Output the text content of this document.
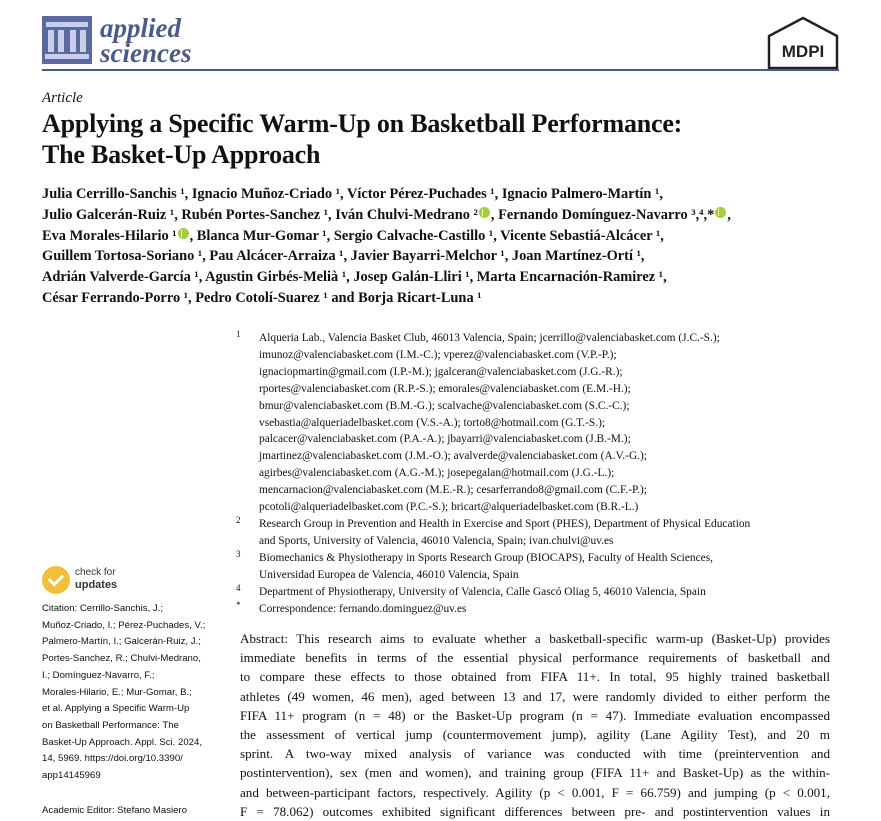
applied
sciences	MDPI
Article
Applying a Specific Warm-Up on Basketball Performance:
The Basket-Up Approach
Julia Cerrillo-Sanchis ¹, Ignacio Muñoz-Criado ¹, Víctor Pérez-Puchades ¹, Ignacio Palmero-Martín ¹,
Julio Galcerán-Ruiz ¹, Rubén Portes-Sanchez ¹, Iván Chulvi-Medrano ² , Fernando Domínguez-Navarro ³,⁴,* ,
Eva Morales-Hilario ¹ , Blanca Mur-Gomar ¹, Sergio Calvache-Castillo ¹, Vicente Sebastiá-Alcácer ¹,
Guillem Tortosa-Soriano ¹, Pau Alcácer-Arraiza ¹, Javier Bayarri-Melchor ¹, Joan Martínez-Ortí ¹,
Adrián Valverde-García ¹, Agustin Girbés-Melià ¹, Josep Galán-Lliri ¹, Marta Encarnación-Ramirez ¹,
César Ferrando-Porro ¹, Pedro Cotolí-Suarez ¹ and Borja Ricart-Luna ¹
1 Alqueria Lab., Valencia Basket Club, 46013 Valencia, Spain; jcerrillo@valenciabasket.com (J.C.-S.);
imunoz@valenciabasket.com (I.M.-C.); vperez@valenciabasket.com (V.P.-P.);
ignaciopmartin@gmail.com (I.P.-M.); jgalceran@valenciabasket.com (J.G.-R.);
rportes@valenciabasket.com (R.P.-S.); emorales@valenciabasket.com (E.M.-H.);
bmur@valenciabasket.com (B.M.-G.); scalvache@valenciabasket.com (S.C.-C.);
vsebastia@alqueriadelbasket.com (V.S.-A.); torto8@hotmail.com (G.T.-S.);
palcacer@valenciabasket.com (P.A.-A.); jbayarri@valenciabasket.com (J.B.-M.);
jmartinez@valenciabasket.com (J.M.-O.); avalverde@valenciabasket.com (A.V.-G.);
agirbes@valenciabasket.com (A.G.-M.); josepegalan@hotmail.com (J.G.-L.);
mencarnacion@valenciabasket.com (M.E.-R.); cesarferrando8@gmail.com (C.F.-P.);
pcotoli@alqueriadelbasket.com (P.C.-S.); bricart@alqueriadelbasket.com (B.R.-L.)
2 Research Group in Prevention and Health in Exercise and Sport (PHES), Department of Physical Education
and Sports, University of Valencia, 46010 Valencia, Spain; ivan.chulvi@uv.es
3 Biomechanics & Physiotherapy in Sports Research Group (BIOCAPS), Faculty of Health Sciences,
Universidad Europea de Valencia, 46010 Valencia, Spain
4 Department of Physiotherapy, University of Valencia, Calle Gascó Oliag 5, 46010 Valencia, Spain
* Correspondence: fernando.dominguez@uv.es
check for
updates
Citation: Cerrillo-Sanchis, J.;
Muñoz-Criado, I.; Pérez-Puchades, V.;
Palmero-Martín, I.; Galcerán-Ruiz, J.;
Portes-Sanchez, R.; Chulvi-Medrano,
I.; Domínguez-Navarro, F.;
Morales-Hilario, E.; Mur-Gomar, B.;
et al. Applying a Specific Warm-Up
on Basketball Performance: The
Basket-Up Approach. Appl. Sci. 2024,
14, 5969. https://doi.org/10.3390/
app14145969
Academic Editor: Stefano Masiero
Abstract: This research aims to evaluate whether a basketball-specific warm-up (Basket-Up) provides
immediate benefits in terms of the essential physical performance requirements of basketball and
to compare these effects to those obtained from FIFA 11+. In total, 95 highly trained basketball
athletes (49 women, 46 men), aged between 13 and 17, were randomly divided to either perform the
FIFA 11+ program (n = 48) or the Basket-Up program (n = 47). Immediate evaluation encompassed
the assessment of vertical jump (countermovement jump), agility (Lane Agility Test), and 20 m
sprint. A two-way mixed analysis of variance was conducted with time (preintervention and
postintervention), sex (men and women), and training group (FIFA 11+ and Basket-Up) as the within-
and between-participant factors, respectively. Agility (p < 0.001, F = 66.759) and jumping (p < 0.001,
F = 78.062) outcomes exhibited significant differences between pre- and postintervention values in
